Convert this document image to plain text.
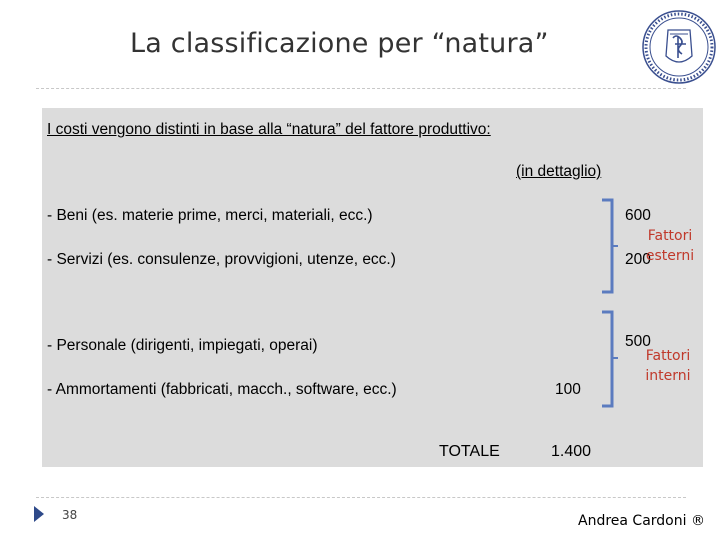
La classificazione per “natura”
I costi vengono distinti in base alla “natura” del fattore produttivo:
(in dettaglio)
- Beni (es. materie prime, merci, materiali, ecc.)	600
- Servizi (es. consulenze, provvigioni, utenze, ecc.)	200
- Personale (dirigenti, impiegati, operai)	500
- Ammortamenti (fabbricati, macch., software, ecc.)	100
TOTALE	1.400
Fattori
esterni
Fattori
interni
38	Andrea Cardoni ®
